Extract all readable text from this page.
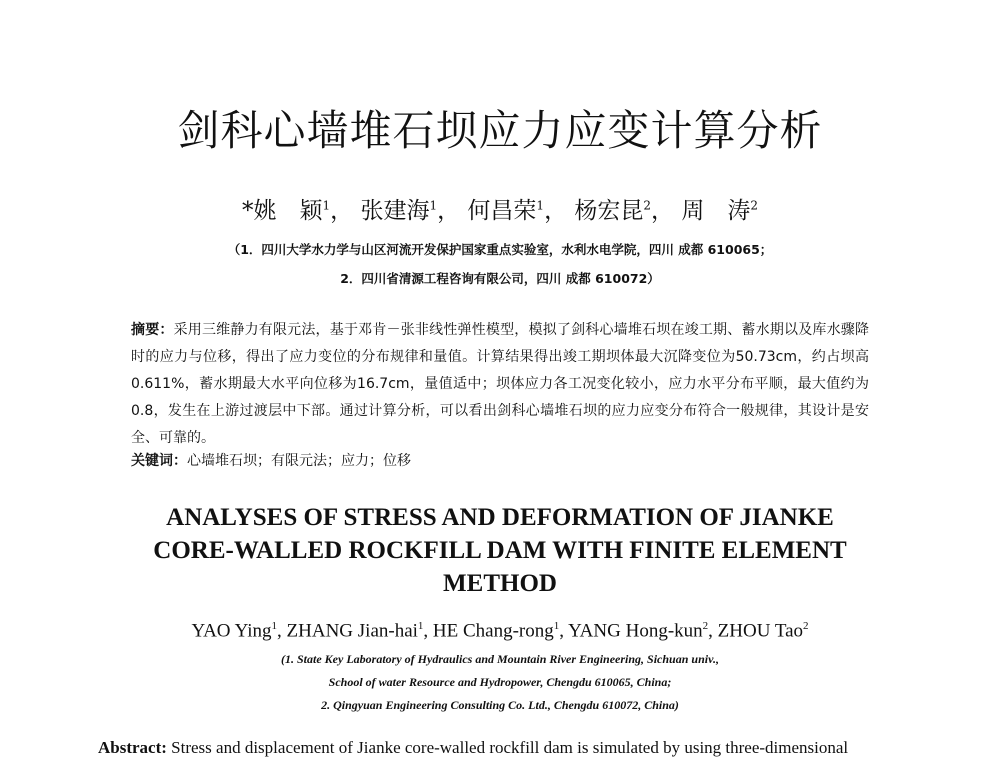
剑科心墙堆石坝应力应变计算分析
*姚　颖$^1$， 张建海$^1$， 何昌荣$^1$， 杨宏昆$^2$， 周　涛$^2$
（1．四川大学水力学与山区河流开发保护国家重点实验室，水利水电学院，四川 成都 610065；
2．四川省清源工程咨询有限公司，四川 成都 610072）
摘要：采用三维静力有限元法，基于邓肯－张非线性弹性模型，模拟了剑科心墙堆石坝在竣工期、蓄水期以及库水骤降时的应力与位移，得出了应力变位的分布规律和量值。计算结果得出竣工期坝体最大沉降变位为50.73cm，约占坝高0.611%，蓄水期最大水平向位移为16.7cm，量值适中；坝体应力各工况变化较小，应力水平分布平顺，最大值约为 0.8，发生在上游过渡层中下部。通过计算分析，可以看出剑科心墙堆石坝的应力应变分布符合一般规律，其设计是安全、可靠的。
关键词：心墙堆石坝；有限元法；应力；位移
ANALYSES OF STRESS AND DEFORMATION OF JIANKE
CORE-WALLED ROCKFILL DAM WITH FINITE ELEMENT
METHOD
YAO Ying$^1$, ZHANG Jian-hai$^1$, HE Chang-rong$^1$, YANG Hong-kun$^2$, ZHOU Tao$^2$
(1. State Key Laboratory of Hydraulics and Mountain River Engineering, Sichuan univ.,
School of water Resource and Hydropower, Chengdu 610065, China;
2. Qingyuan Engineering Consulting Co. Ltd., Chengdu 610072, China)
Abstract: Stress and displacement of Jianke core-walled rockfill dam is simulated by using three-dimensional
